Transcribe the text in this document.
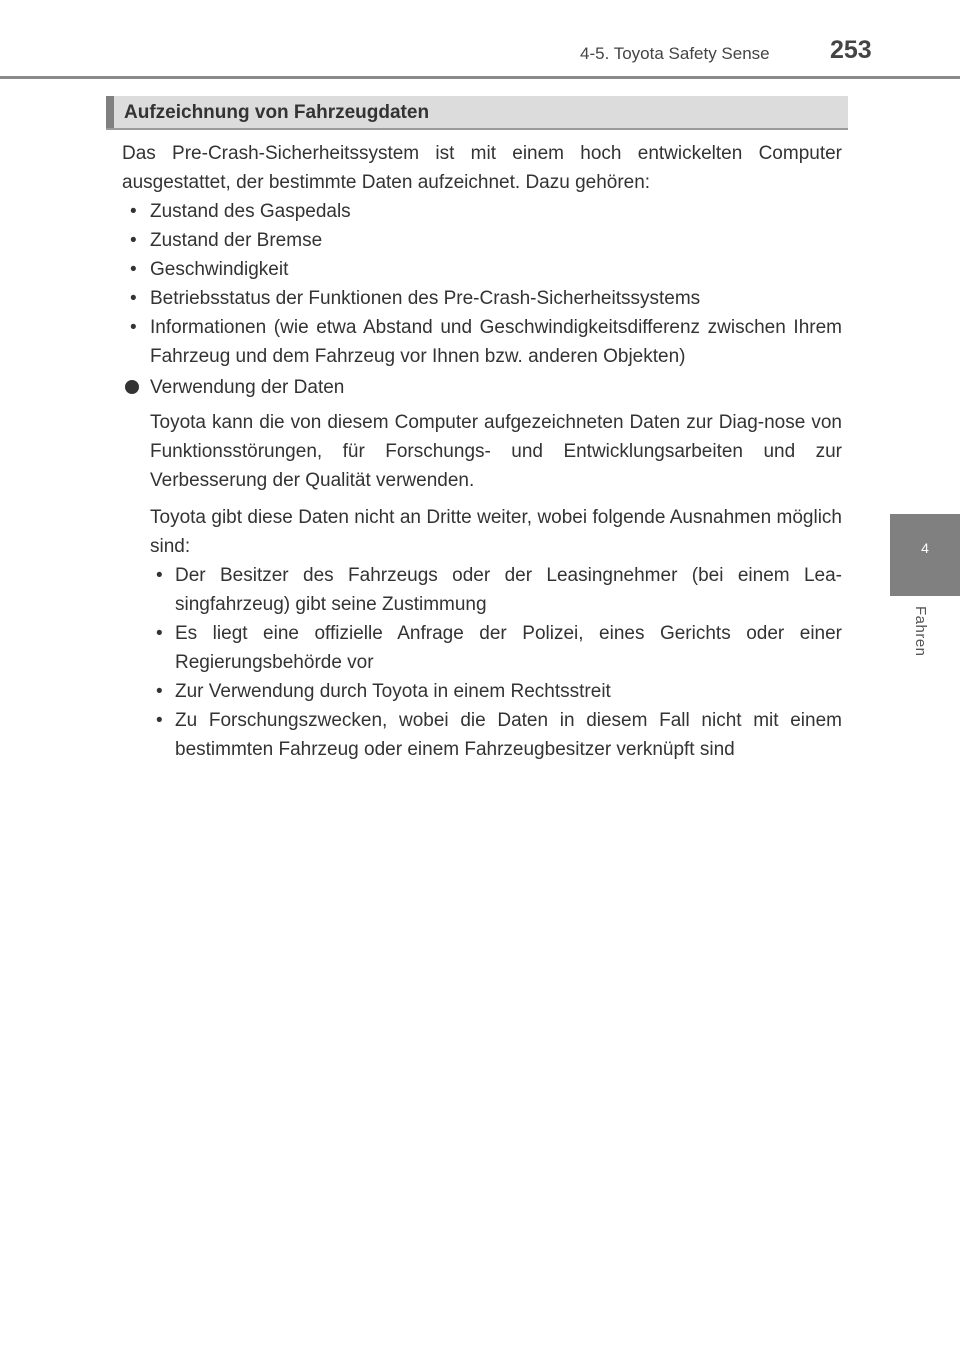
4-5. Toyota Safety Sense 253
4
Fahren
Aufzeichnung von Fahrzeugdaten

Das Pre-Crash-Sicherheitssystem ist mit einem hoch entwickelten Computer ausgestattet, der bestimmte Daten aufzeichnet. Dazu gehören:

• Zustand des Gaspedals
• Zustand der Bremse
• Geschwindigkeit
• Betriebsstatus der Funktionen des Pre-Crash-Sicherheitssystems
• Informationen (wie etwa Abstand und Geschwindigkeitsdifferenz zwischen Ihrem Fahrzeug und dem Fahrzeug vor Ihnen bzw. anderen Objekten)
Verwendung der Daten

Toyota kann die von diesem Computer aufgezeichneten Daten zur Diag-nose von Funktionsstörungen, für Forschungs- und Entwicklungsarbeiten und zur Verbesserung der Qualität verwenden.

Toyota gibt diese Daten nicht an Dritte weiter, wobei folgende Ausnahmen möglich sind:

• Der Besitzer des Fahrzeugs oder der Leasingnehmer (bei einem Lea-singfahrzeug) gibt seine Zustimmung
• Es liegt eine offizielle Anfrage der Polizei, eines Gerichts oder einer Regierungsbehörde vor
• Zur Verwendung durch Toyota in einem Rechtsstreit
• Zu Forschungszwecken, wobei die Daten in diesem Fall nicht mit einem bestimmten Fahrzeug oder einem Fahrzeugbesitzer verknüpft sind
